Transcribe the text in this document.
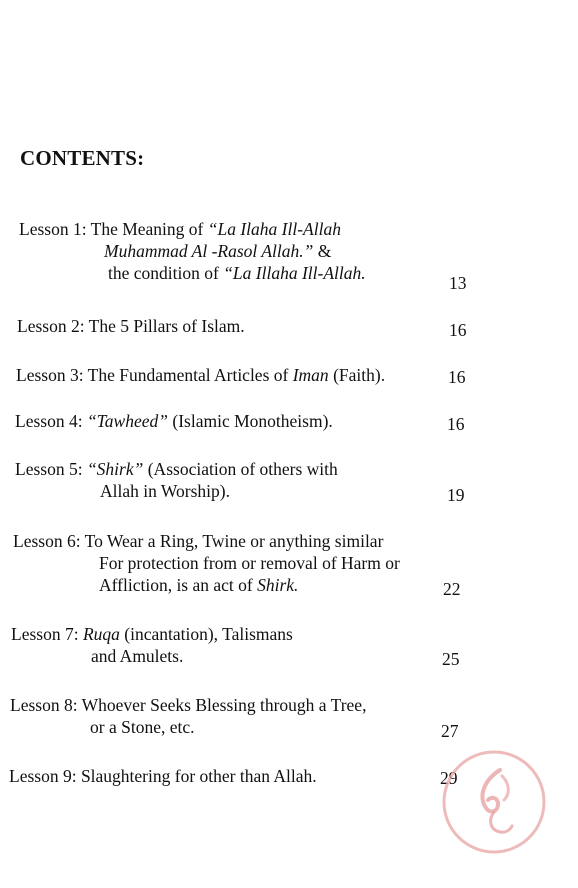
CONTENTS:
Lesson 1: The Meaning of “La Ilaha Ill-Allah
Muhammad Al -Rasol Allah.” &
the condition of “La Illaha Ill-Allah.	13
Lesson 2: The 5 Pillars of Islam.	16
Lesson 3: The Fundamental Articles of Iman (Faith).	16
Lesson 4: “Tawheed” (Islamic Monotheism).	16
Lesson 5: “Shirk” (Association of others with
Allah in Worship).	19
Lesson 6: To Wear a Ring, Twine or anything similar
For protection from or removal of Harm or
Affliction, is an act of Shirk.	22
Lesson 7: Ruqa (incantation), Talismans
and Amulets.	25
Lesson 8: Whoever Seeks Blessing through a Tree,
or a Stone, etc.	27
Lesson 9: Slaughtering for other than Allah.	29
